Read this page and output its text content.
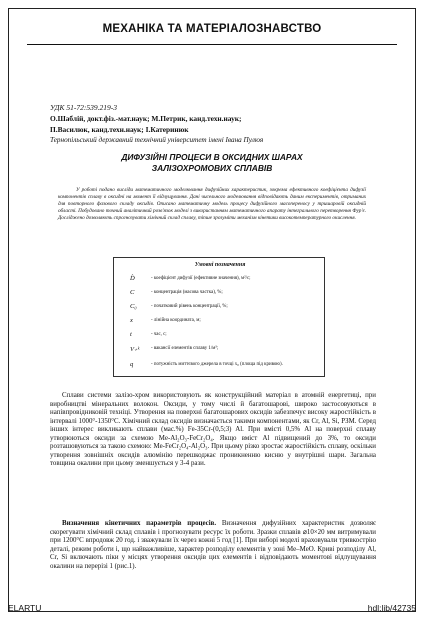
МЕХАНІКА ТА МАТЕРІАЛОЗНАВСТВО
УДК 51-72:539.219-3
О.Шаблій, докт.фіз.-мат.наук; М.Петрик, канд.техн.наук;
П.Василюк, канд.техн.наук; І.Катеринюк
Тернопільський державний технічний університет імені Івана Пулюя
ДИФУЗІЙНІ ПРОЦЕСИ В ОКСИДНИХ ШАРАХ
ЗАЛІЗОХРОМОВИХ СПЛАВІВ
У роботі подано висліди математичного моделювання дифузійних характеристик, зокрема ефективного коефіцієнта дифузії компонентів сплаву в оксидні на момент її відлущування. Дані чисельного моделювання відповідають даним експериментів, отриманих для повторного фазового складу оксидів. Описано математичну модель процесу дифузійного масопереносу у тришаровій оксидній області. Побудовано точний аналітичний розв'язок моделі з використанням математичного апарату інтегрального перетворення Фур'є. Досліджено дозволяють спрогнозувати хімічний склад сплаву, тіпше зрозуміти механізм кінетики високотемпературного окислення.
Умовні позначення
D̂	- коефіцієнт дифузії (ефективне значення), м²/с;
C	- концентрація (масова частка), %;
C₀	- початковий рівень концентрації, %;
x	- лінійна координата, м;
t	- час, с;
V₊ᵏ	- вакансії елементів сплаву 1/м³;
q	- потужність миттєвого джерела в точці x₀ (площа під кривою).
Сплави системи залізо-хром використовують як конструкційний матеріал в атомній енергетиці, при виробництві мінеральних волокон. Оксиди, у тому числі й багатошарові, широко застосовуються в напівпровідниковій техніці. Утворення на поверхні багатошарових оксидів забезпечує високу жаростійкість в інтервалі 1000°-1350°C. Хімічний склад оксидів визначається такими компонентами, як Cr, Al, Si, РЗМ. Серед інших інтерес викликають сплави (мас.%) Fe-35Cr-(0,5;3) Al. При вмісті 0,5% Al на поверхні сплаву утворюються оксиди за схемою Me-Al₂O₃-FeCr₂O₄. Якщо вміст Al підвищений до 3%, то оксиди розташовуються за такою схемою: Me-FeCr₂O₄-Al₂O₃. При цьому різко зростає жаростійкість сплаву, оскільки утворення зовнішніх оксидів алюмінію перешкоджає проникненню кисню у внутрішні шари. Загальна товщина окалини при цьому зменшується у 3-4 рази.
Визначення кінетичних параметрів процесів. Визначення дифузійних характеристик дозволяє скорегувати хімічний склад сплавів і прогнозувати ресурс їх роботи. Зразки сплавів ⌀10×20 мм витримували при 1200°C впродовж 20 год. і зважували їх через кожні 5 год [1]. При виборі моделі враховували тривкострію деталі, режим роботи і, що найважливіше, характер розподілу елементів у зоні Me–MeO. Криві розподілу Al, Cr, Si включають піки у місцях утворення оксидів цих елементів і відповідають моментові відлущування окалини на перерізі 1 (рис.1).
ELARTU	hdl:lib/42735
